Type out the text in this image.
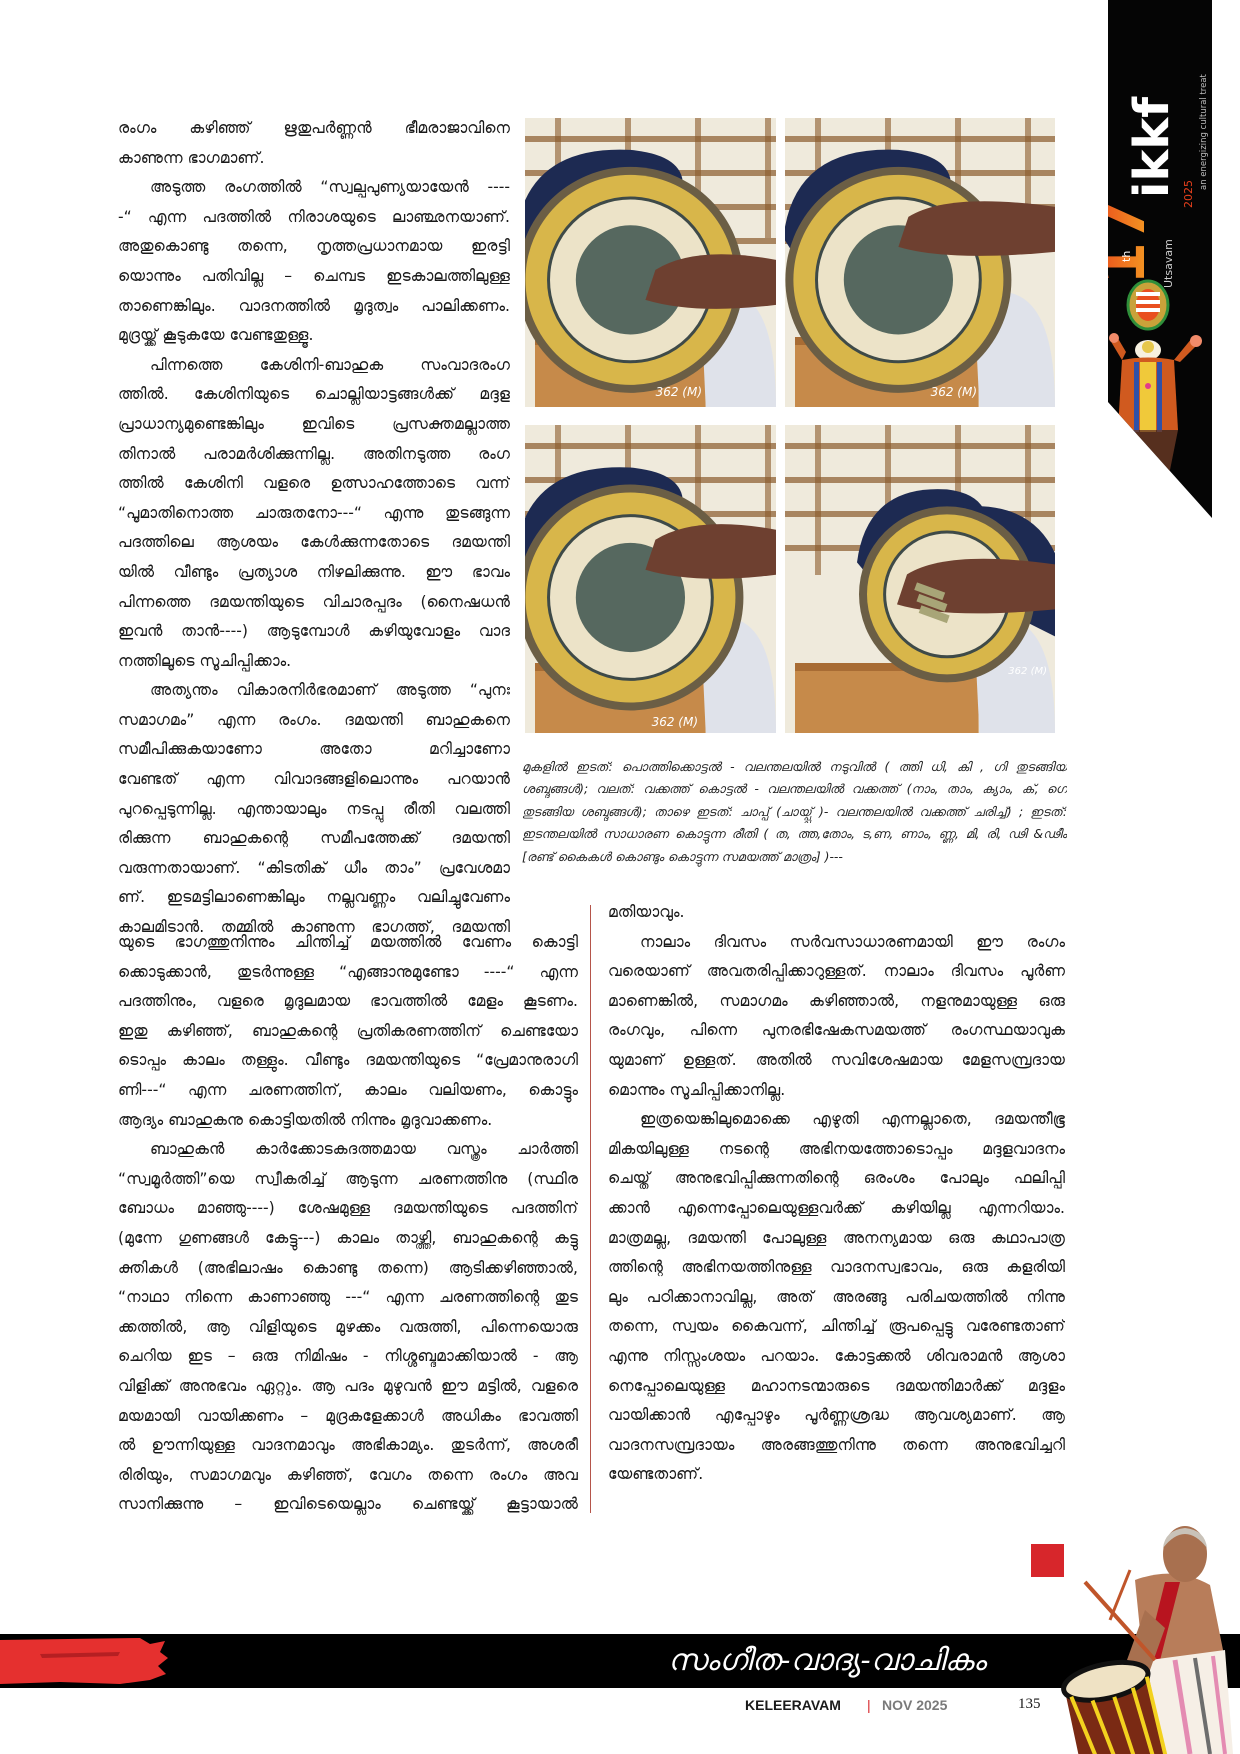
രംഗം കഴിഞ്ഞ് ഋതുപർണ്ണൻ ഭീമരാജാവിനെ
കാണുന്ന ഭാഗമാണ്.
അടുത്ത രംഗത്തിൽ “സ്വല്പപുണ്യയായേൻ ----
-“ എന്ന പദത്തിൽ നിരാശയുടെ ലാഞ്ഛനയാണ്.
അതുകൊണ്ടു തന്നെ, നൃത്തപ്രധാനമായ ഇരട്ടി
യൊന്നും പതിവില്ല – ചെമ്പട ഇടകാലത്തിലുള്ള
താണെങ്കിലും. വാദനത്തിൽ മൃദുത്വം പാലിക്കണം.
മുദ്രയ്ക്ക് കൂടുകയേ വേണ്ടതുള്ളൂ.
പിന്നത്തെ കേശിനി-ബാഹുക സംവാദരംഗ
ത്തിൽ. കേശിനിയുടെ ചൊല്ലിയാട്ടങ്ങൾക്ക് മദ്ദള
പ്രാധാന്യമുണ്ടെങ്കിലും ഇവിടെ പ്രസക്തമല്ലാത്ത
തിനാൽ പരാമർശിക്കുന്നില്ല. അതിനടുത്ത രംഗ
ത്തിൽ കേശിനി വളരെ ഉത്സാഹത്തോടെ വന്ന്
“പൂമാതിനൊത്ത ചാരുതനോ---“ എന്നു തുടങ്ങുന്ന
പദത്തിലെ ആശയം കേൾക്കുന്നതോടെ ദമയന്തി
യിൽ വീണ്ടും പ്രത്യാശ നിഴലിക്കുന്നു. ഈ ഭാവം
പിന്നത്തെ ദമയന്തിയുടെ വിചാരപ്പദം (നൈഷധൻ
ഇവൻ താൻ----) ആടുമ്പോൾ കഴിയുവോളം വാദ
നത്തിലൂടെ സൂചിപ്പിക്കാം.
അത്യന്തം വികാരനിർഭരമാണ് അടുത്ത “പുനഃ
സമാഗമം” എന്ന രംഗം. ദമയന്തി ബാഹുകനെ
സമീപിക്കുകയാണോ അതോ മറിച്ചാണോ
വേണ്ടത് എന്ന വിവാദങ്ങളിലൊന്നും പറയാൻ
പുറപ്പെടുന്നില്ല. എന്തായാലും നടപ്പു രീതി വലത്തി
രിക്കുന്ന ബാഹുകന്റെ സമീപത്തേക്ക് ദമയന്തി
വരുന്നതായാണ്. “കിടതിക് ധീം താം” പ്രവേശമാ
ണ്. ഇടമട്ടിലാണെങ്കിലും നല്ലവണ്ണം വലിച്ചുവേണം
കാലമിടാൻ. തമ്മിൽ കാണുന്ന ഭാഗത്ത്, ദമയന്തി
യുടെ ഭാഗത്തുനിന്നും ചിന്തിച്ച് മയത്തിൽ വേണം കൊട്ടി
ക്കൊടുക്കാൻ, തുടർന്നുള്ള “എങ്ങാനുമുണ്ടോ ----“ എന്ന
പദത്തിനും, വളരെ മൃദുലമായ ഭാവത്തിൽ മേളം കൂടണം.
ഇതു കഴിഞ്ഞ്, ബാഹുകന്റെ പ്രതികരണത്തിന് ചെണ്ടയോ
ടൊപ്പം കാലം തള്ളും. വീണ്ടും ദമയന്തിയുടെ “പ്രേമാനുരാഗി
ണി---“ എന്ന ചരണത്തിന്, കാലം വലിയണം, കൊട്ടും
ആദ്യം ബാഹുകനു കൊട്ടിയതിൽ നിന്നും മൃദുവാക്കണം.
ബാഹുകൻ കാർക്കോടകദത്തമായ വസ്ത്രം ചാർത്തി
“സ്വമൂർത്തി”യെ സ്വീകരിച്ച് ആടുന്ന ചരണത്തിനു (സ്ഥിര
ബോധം മാഞ്ഞു----) ശേഷമുള്ള ദമയന്തിയുടെ പദത്തിന്
(മുന്നേ ഗുണങ്ങൾ കേട്ടു---) കാലം താഴ്ത്തി, ബാഹുകന്റെ കട്ടു
ക്തികൾ (അഭിലാഷം കൊണ്ടു തന്നെ) ആടിക്കഴിഞ്ഞാൽ,
“നാഥാ നിന്നെ കാണാഞ്ഞു ---“ എന്ന ചരണത്തിന്റെ തുട
ക്കത്തിൽ, ആ വിളിയുടെ മുഴക്കം വരുത്തി, പിന്നെയൊരു
ചെറിയ ഇട – ഒരു നിമിഷം - നിശ്ശബ്ദമാക്കിയാൽ - ആ
വിളിക്ക് അനുഭവം ഏറ്റും. ആ പദം മുഴുവൻ ഈ മട്ടിൽ, വളരെ
മയമായി വായിക്കണം – മുദ്രകളേക്കാൾ അധികം ഭാവത്തി
ൽ ഊന്നിയുള്ള വാദനമാവും അഭികാമ്യം. തുടർന്ന്, അശരീ
രിരിയും, സമാഗമവും കഴിഞ്ഞ്, വേഗം തന്നെ രംഗം അവ
സാനിക്കുന്നു – ഇവിടെയെല്ലാം ചെണ്ടയ്ക്ക് കൂട്ടായാൽ
മതിയാവും.
നാലാം ദിവസം സർവസാധാരണമായി ഈ രംഗം
വരെയാണ് അവതരിപ്പിക്കാറുള്ളത്. നാലാം ദിവസം പൂർണ
മാണെങ്കിൽ, സമാഗമം കഴിഞ്ഞാൽ, നളനുമായുള്ള ഒരു
രംഗവും, പിന്നെ പുനരഭിഷേകസമയത്ത് രംഗസ്ഥയാവുക
യുമാണ് ഉള്ളത്. അതിൽ സവിശേഷമായ മേളസമ്പ്രദായ
മൊന്നും സൂചിപ്പിക്കാനില്ല.
ഇത്രയെങ്കിലുമൊക്കെ എഴുതി എന്നല്ലാതെ, ദമയന്തീഭൂ
മികയിലുള്ള നടന്റെ അഭിനയത്തോടൊപ്പം മദ്ദളവാദനം
ചെയ്ത് അനുഭവിപ്പിക്കുന്നതിന്റെ ഒരംശം പോലും ഫലിപ്പി
ക്കാൻ എന്നെപ്പോലെയുള്ളവർക്ക് കഴിയില്ല എന്നറിയാം.
മാത്രമല്ല, ദമയന്തി പോലുള്ള അനന്യമായ ഒരു കഥാപാത്ര
ത്തിന്റെ അഭിനയത്തിനുള്ള വാദനസ്വഭാവം, ഒരു കളരിയി
ലും പഠിക്കാനാവില്ല, അത് അരങ്ങു പരിചയത്തിൽ നിന്നു
തന്നെ, സ്വയം കൈവന്ന്, ചിന്തിച്ച് രൂപപ്പെട്ടു വരേണ്ടതാണ്
എന്നു നിസ്സംശയം പറയാം. കോട്ടക്കൽ ശിവരാമൻ ആശാ
നെപ്പോലെയുള്ള മഹാനടന്മാരുടെ ദമയന്തിമാർക്ക് മദ്ദളം
വായിക്കാൻ എപ്പോഴും പൂർണ്ണശ്രദ്ധ ആവശ്യമാണ്. ആ
വാദനസമ്പ്രദായം അരങ്ങത്തുനിന്നു തന്നെ അനുഭവിച്ചറി
യേണ്ടതാണ്.
362 (M)	362 (M)
362 (M)
362 (M)
മുകളിൽ ഇടത്: പൊത്തിക്കൊട്ടൽ - വലന്തലയിൽ നടുവിൽ ( ത്തി ധി, കി , ഗി തുടങ്ങിയ
ശബ്ദങ്ങൾ); വലത്: വക്കത്ത് കൊട്ടൽ - വലന്തലയിൽ വക്കത്ത് (നാം, താം, ക്യാം, ക്, ഗെ
തുടങ്ങിയ ശബ്ദങ്ങൾ); താഴെ ഇടത്: ചാപ്പ് (ചായ്പ്പ് )- വലന്തലയിൽ വക്കത്ത് ചരിച്ച്) ; ഇടത്:
ഇടന്തലയിൽ സാധാരണ കൊട്ടുന്ന രീതി ( ത, ത്ത,തോം, ട,ണ, ണാം, ണ്ണ, മി, രി, ഢി &ഢീം
[രണ്ട് കൈകൾ കൊണ്ടും കൊട്ടുന്ന സമയത്ത് മാത്രം] )---
17
th	Utsavam
ikkf 2025
an energizing cultural treat
സംഗീത-വാദ്യ-വാചികം
KELEERAVAM | NOV 2025	135
